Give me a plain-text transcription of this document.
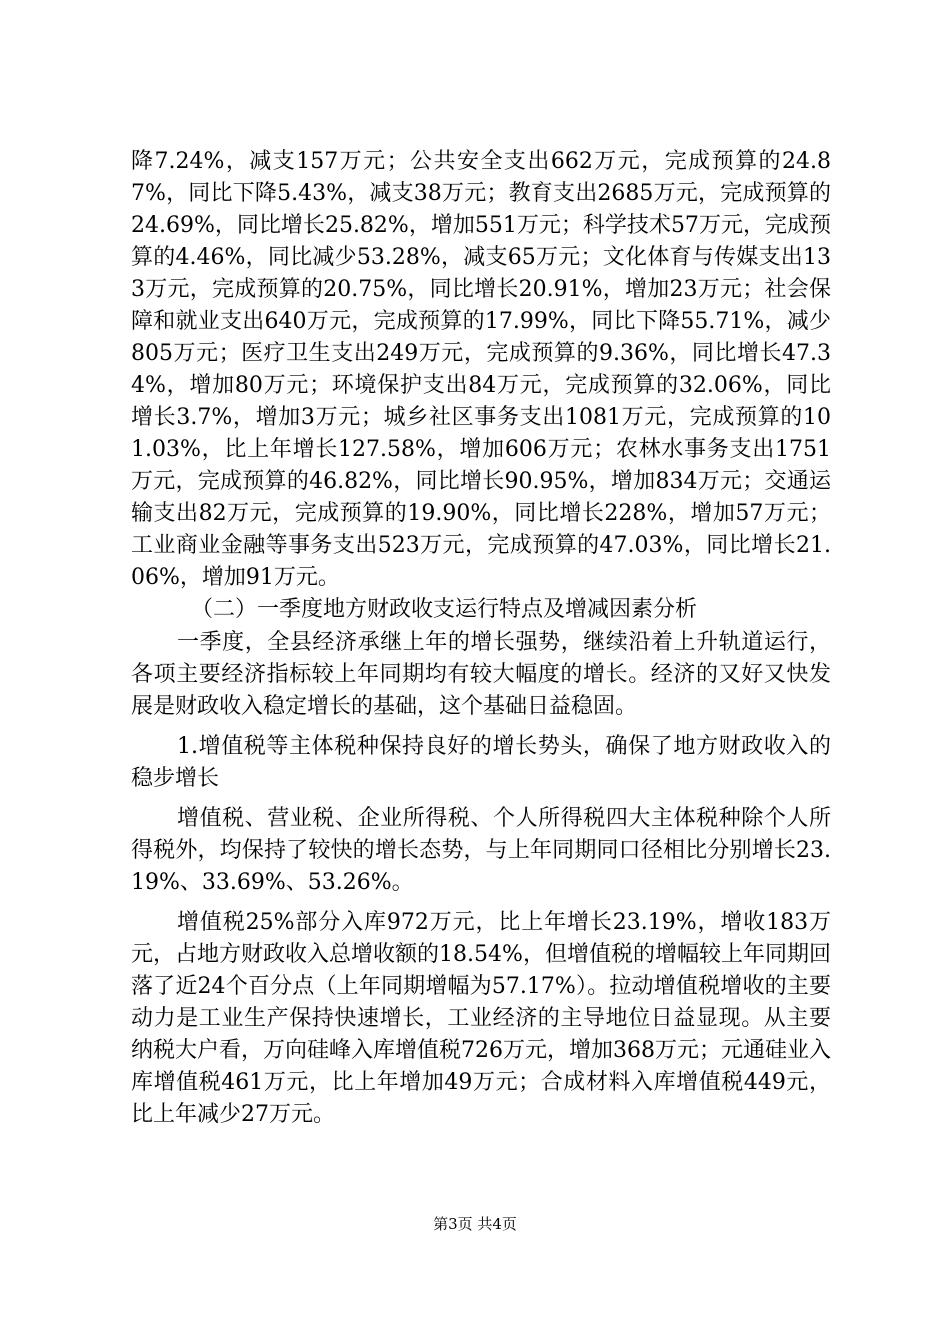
降7.24%，减支157万元；公共安全支出662万元，完成预算的24.87%，同比下降5.43%，减支38万元；教育支出2685万元，完成预算的24.69%，同比增长25.82%，增加551万元；科学技术57万元，完成预算的4.46%，同比减少53.28%，减支65万元；文化体育与传媒支出133万元，完成预算的20.75%，同比增长20.91%，增加23万元；社会保障和就业支出640万元，完成预算的17.99%，同比下降55.71%，减少805万元；医疗卫生支出249万元，完成预算的9.36%，同比增长47.34%，增加80万元；环境保护支出84万元，完成预算的32.06%，同比增长3.7%，增加3万元；城乡社区事务支出1081万元，完成预算的101.03%，比上年增长127.58%，增加606万元；农林水事务支出1751万元，完成预算的46.82%，同比增长90.95%，增加834万元；交通运输支出82万元，完成预算的19.90%，同比增长228%，增加57万元；工业商业金融等事务支出523万元，完成预算的47.03%，同比增长21.06%，增加91万元。

（二）一季度地方财政收支运行特点及增减因素分析

一季度，全县经济承继上年的增长强势，继续沿着上升轨道运行，各项主要经济指标较上年同期均有较大幅度的增长。经济的又好又快发展是财政收入稳定增长的基础，这个基础日益稳固。

1.增值税等主体税种保持良好的增长势头，确保了地方财政收入的稳步增长

增值税、营业税、企业所得税、个人所得税四大主体税种除个人所得税外，均保持了较快的增长态势，与上年同期同口径相比分别增长23.19%、33.69%、53.26%。

增值税25%部分入库972万元，比上年增长23.19%，增收183万元，占地方财政收入总增收额的18.54%，但增值税的增幅较上年同期回落了近24个百分点（上年同期增幅为57.17%）。拉动增值税增收的主要动力是工业生产保持快速增长，工业经济的主导地位日益显现。从主要纳税大户看，万向硅峰入库增值税726万元，增加368万元；元通硅业入库增值税461万元，比上年增加49万元；合成材料入库增值税449元，比上年减少27万元。

第3页 共4页
